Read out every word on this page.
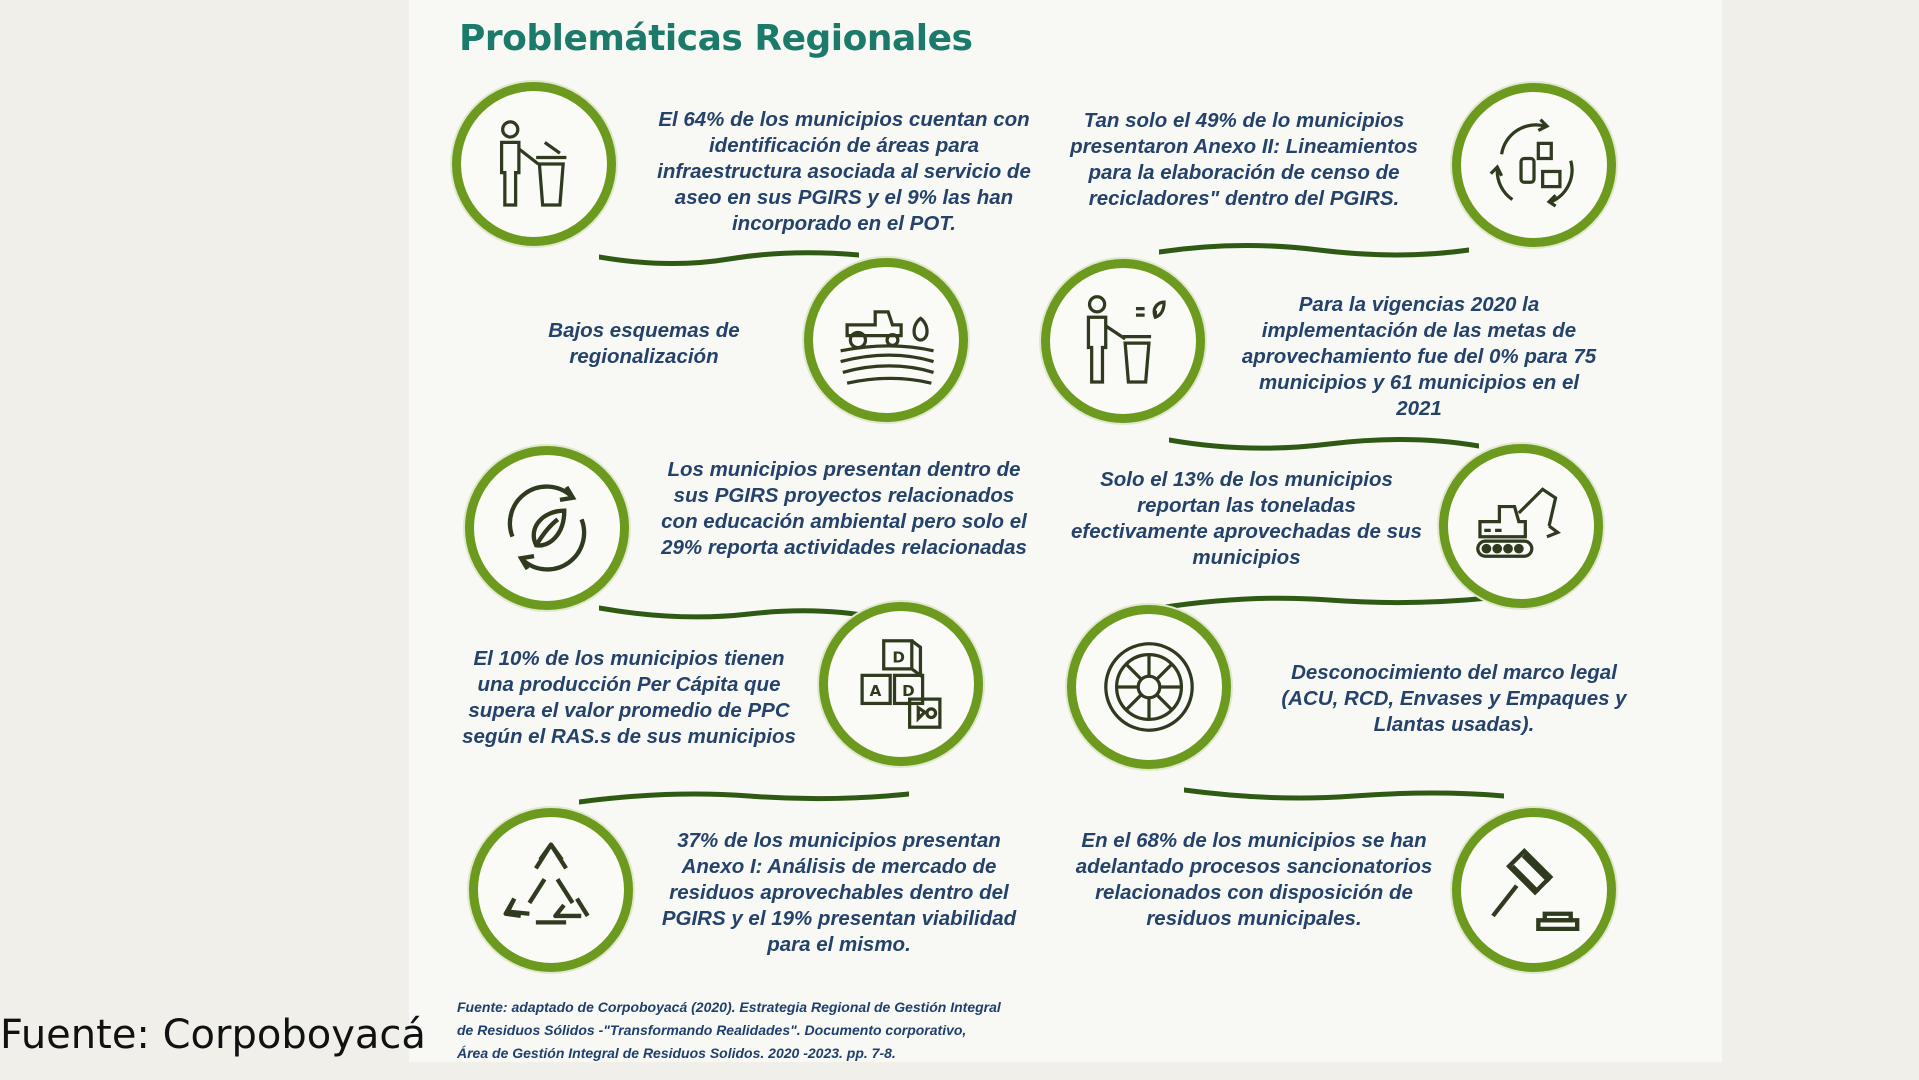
Problemáticas Regionales

El 64% de los municipios cuentan con identificación de áreas para infraestructura asociada al servicio de aseo en sus PGIRS y el 9% las han incorporado en el POT.

Tan solo el 49% de lo municipios presentaron Anexo II: Lineamientos para la elaboración de censo de recicladores" dentro del PGIRS.

Bajos esquemas de regionalización

Para la vigencias 2020 la implementación de las metas de aprovechamiento fue del 0% para 75 municipios y 61 municipios en el 2021

Los municipios presentan dentro de sus PGIRS proyectos relacionados con educación ambiental pero solo el 29% reporta actividades relacionadas

Solo el 13% de los municipios reportan las toneladas efectivamente aprovechadas de sus municipios

D
A D

El 10% de los municipios tienen una producción Per Cápita que supera el valor promedio de PPC según el RAS.s de sus municipios

Desconocimiento del marco legal (ACU, RCD, Envases y Empaques y Llantas usadas).

37% de los municipios presentan Anexo I: Análisis de mercado de residuos aprovechables dentro del PGIRS y el 19% presentan viabilidad para el mismo.

En el 68% de los municipios se han adelantado procesos sancionatorios relacionados con disposición de residuos municipales.

Fuente: adaptado de Corpoboyacá (2020). Estrategia Regional de Gestión Integral
de Residuos Sólidos -"Transformando Realidades". Documento corporativo,
Área de Gestión Integral de Residuos Solidos. 2020 -2023. pp. 7-8.

Fuente: Corpoboyacá
